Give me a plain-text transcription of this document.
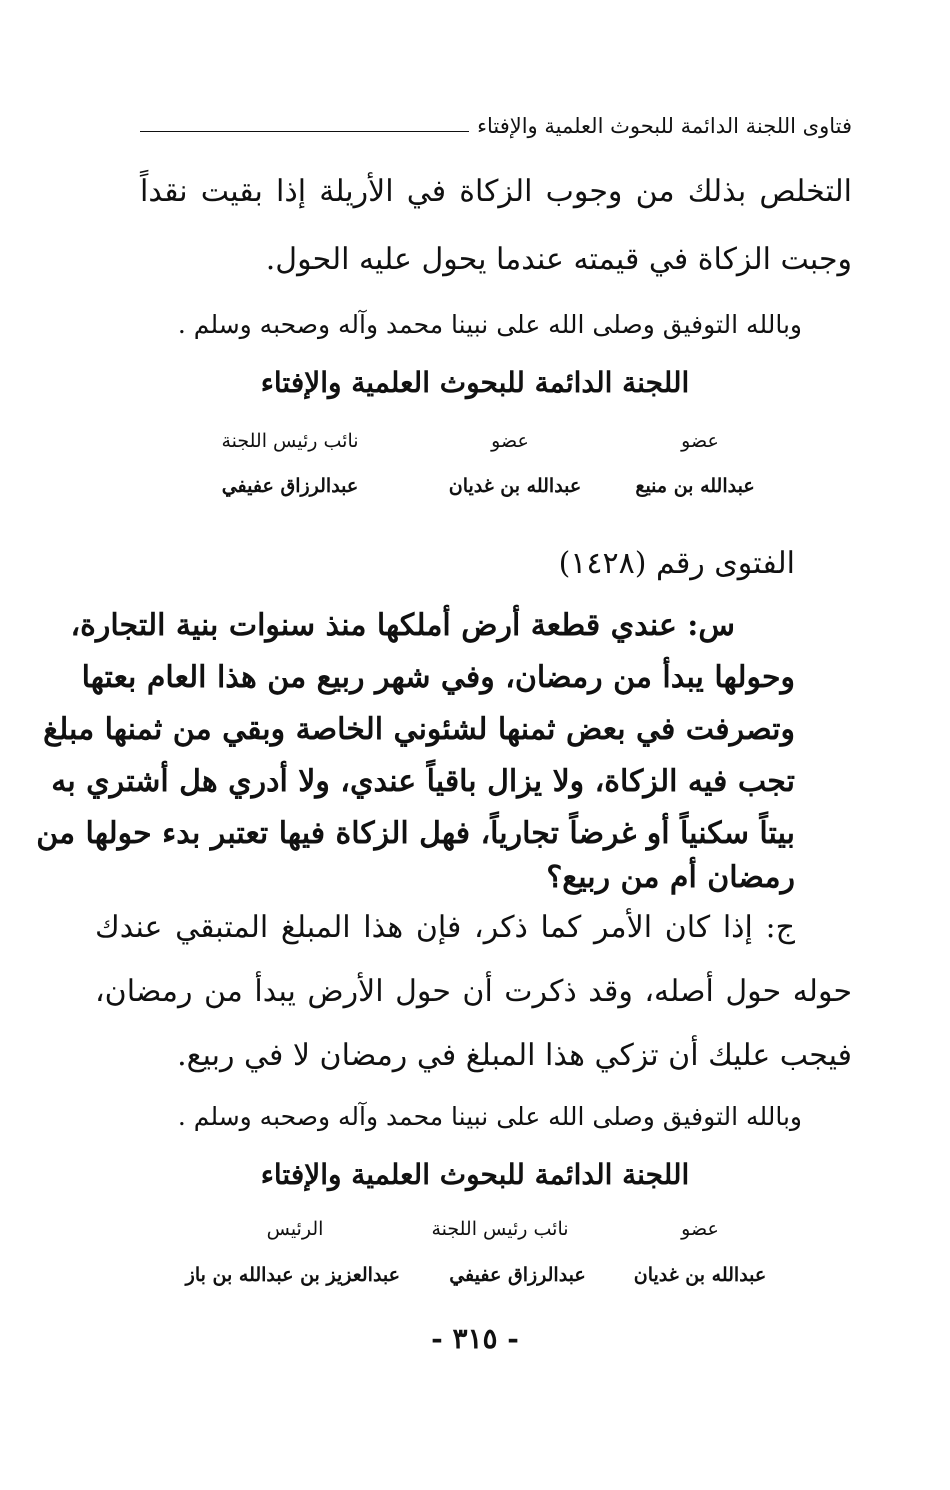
فتاوى اللجنة الدائمة للبحوث العلمية والإفتاء
التخلص بذلك من وجوب الزكاة في الأريلة إذا بقيت نقداً
وجبت الزكاة في قيمته عندما يحول عليه الحول.
وبالله التوفيق وصلى الله على نبينا محمد وآله وصحبه وسلم .
اللجنة الدائمة للبحوث العلمية والإفتاء
عضو
عضو
نائب رئيس اللجنة
عبدالله بن منيع
عبدالله بن غديان
عبدالرزاق عفيفي
الفتوى رقم (١٤٢٨)
س: عندي قطعة أرض أملكها منذ سنوات بنية التجارة،
وحولها يبدأ من رمضان، وفي شهر ربيع من هذا العام بعتها
وتصرفت في بعض ثمنها لشئوني الخاصة وبقي من ثمنها مبلغ
تجب فيه الزكاة، ولا يزال باقياً عندي، ولا أدري هل أشتري به
بيتاً سكنياً أو غرضاً تجارياً، فهل الزكاة فيها تعتبر بدء حولها من
رمضان أم من ربيع؟
ج: إذا كان الأمر كما ذكر، فإن هذا المبلغ المتبقي عندك
حوله حول أصله، وقد ذكرت أن حول الأرض يبدأ من رمضان،
فيجب عليك أن تزكي هذا المبلغ في رمضان لا في ربيع.
وبالله التوفيق وصلى الله على نبينا محمد وآله وصحبه وسلم .
اللجنة الدائمة للبحوث العلمية والإفتاء
عضو
نائب رئيس اللجنة
الرئيس
عبدالله بن غديان
عبدالرزاق عفيفي
عبدالعزيز بن عبدالله بن باز
- ٣١٥ -
